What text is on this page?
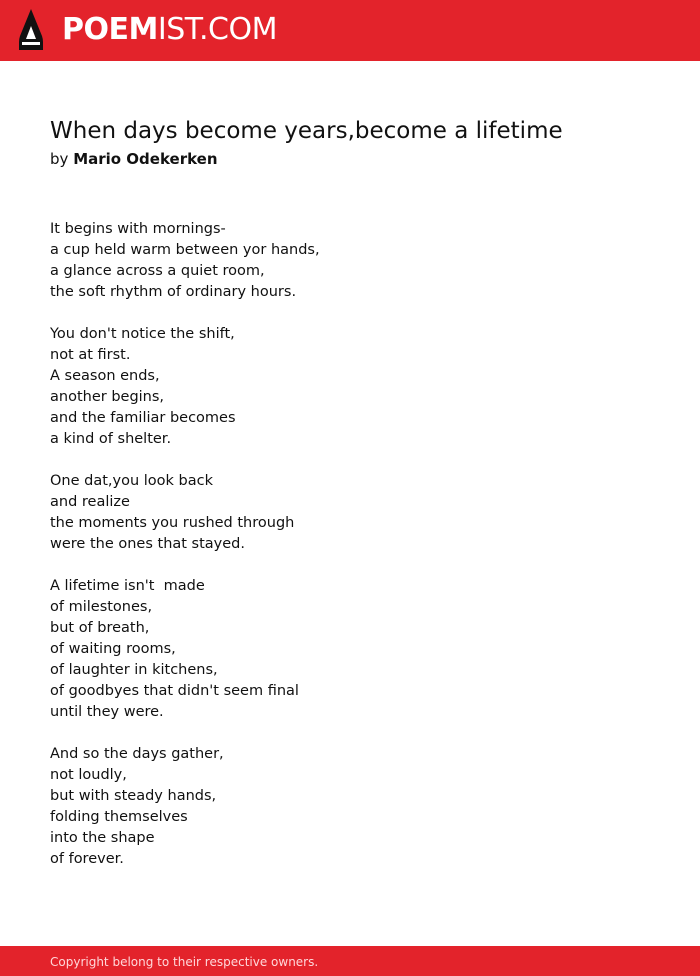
POEMIST.COM
When days become years,become a lifetime
by Mario Odekerken
It begins with mornings-
a cup held warm between yor hands,
a glance across a quiet room,
the soft rhythm of ordinary hours.
You don't notice the shift,
not at first.
A season ends,
another begins,
and the familiar becomes
a kind of shelter.
One dat,you look back
and realize
the moments you rushed through
were the ones that stayed.
A lifetime isn't  made
of milestones,
but of breath,
of waiting rooms,
of laughter in kitchens,
of goodbyes that didn't seem final
until they were.
And so the days gather,
not loudly,
but with steady hands,
folding themselves
into the shape
of forever.
Copyright belong to their respective owners.
